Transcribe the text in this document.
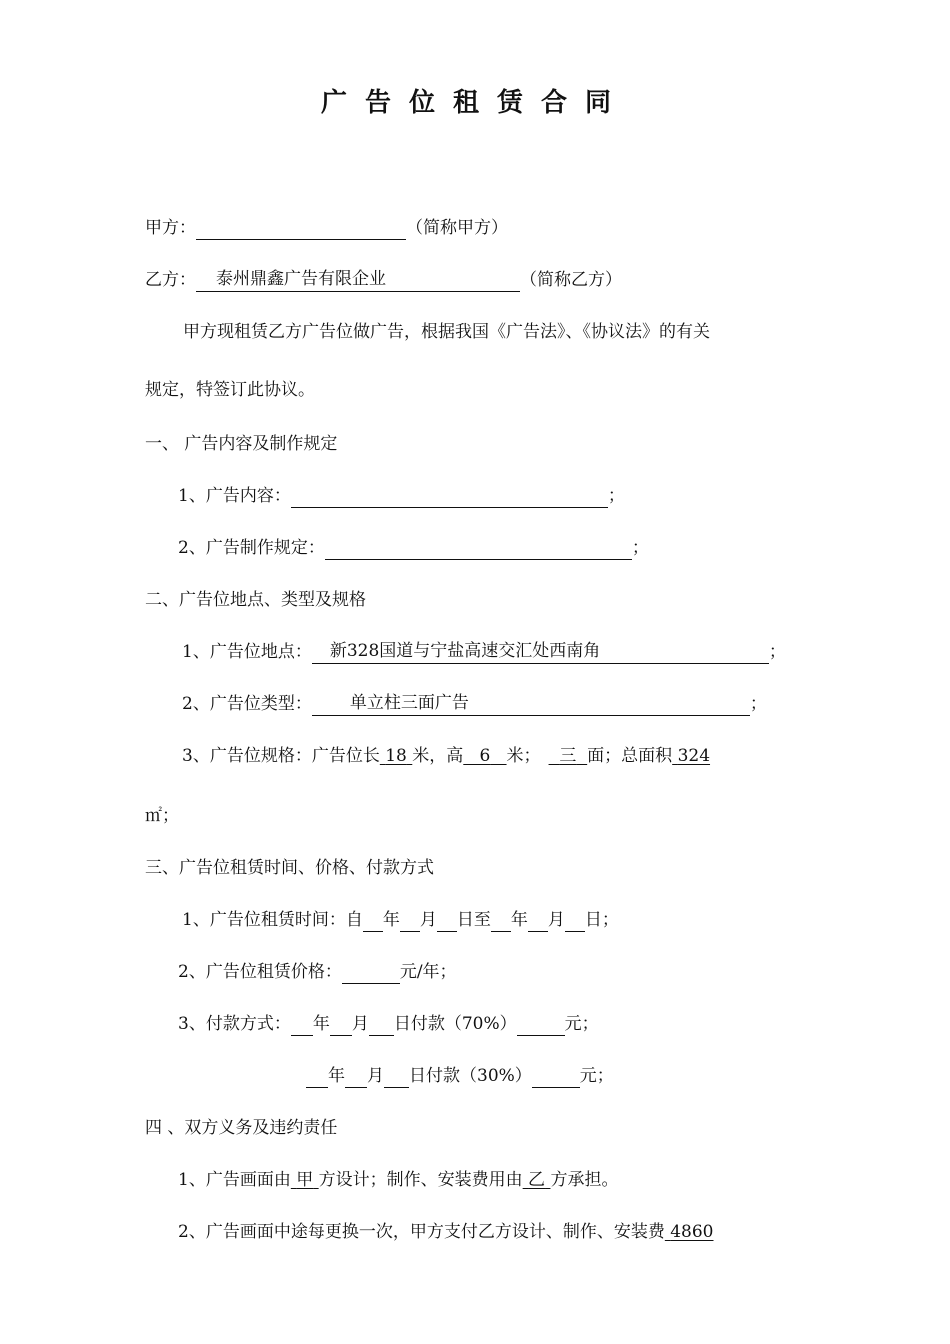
广告位租赁合同
甲方：	（简称甲方）
乙方： 泰州鼎鑫广告有限企业	（简称乙方）
甲方现租赁乙方广告位做广告，根据我国《广告法》、《协议法》的有关
规定，特签订此协议。
一、 广告内容及制作规定
1、广告内容：	；
2、广告制作规定：	；
二、广告位地点、类型及规格
1、广告位地点： 新328国道与宁盐高速交汇处西南角	；
2、广告位类型： 单立柱三面广告	；
3、广告位规格：广告位长 18 米，高 6 米； 三 面；总面积 324
㎡；
三、广告位租赁时间、价格、付款方式
1、广告位租赁时间：自 年 月 日至 年 月 日；
2、广告位租赁价格：	元/年；
3、付款方式： 年 月 日付款（70%）	元；
年 月 日付款（30%）	元；
四 、双方义务及违约责任
1、广告画面由 甲 方设计；制作、安装费用由 乙 方承担。
2、广告画面中途每更换一次，甲方支付乙方设计、制作、安装费 4860
